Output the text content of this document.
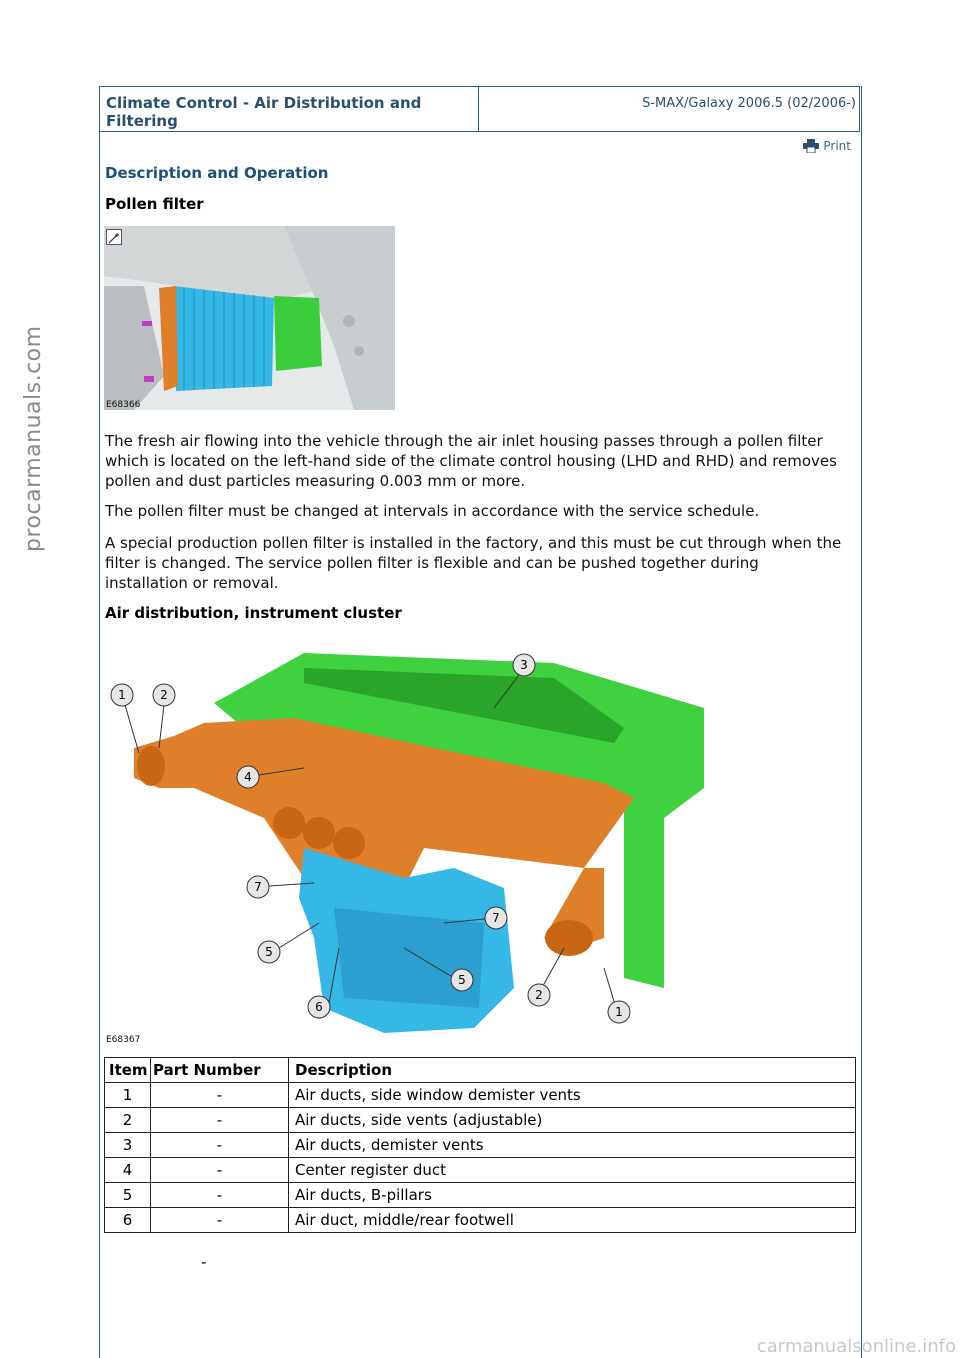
Climate Control - Air Distribution and Filtering
S-MAX/Galaxy 2006.5 (02/2006-)
Print
Description and Operation
Pollen filter
E68366
The fresh air flowing into the vehicle through the air inlet housing passes through a pollen filter which is located on the left-hand side of the climate control housing (LHD and RHD) and removes pollen and dust particles measuring 0.003 mm or more.
The pollen filter must be changed at intervals in accordance with the service schedule.
A special production pollen filter is installed in the factory, and this must be cut through when the filter is changed. The service pollen filter is flexible and can be pushed together during installation or removal.
Air distribution, instrument cluster
1	2
3
4
7
7
5
5
6
2
1
E68367
Item	Part Number	Description
1	-	Air ducts, side window demister vents
2	-	Air ducts, side vents (adjustable)
3	-	Air ducts, demister vents
4	-	Center register duct
5	-	Air ducts, B-pillars
6	-	Air duct, middle/rear footwell
-
procarmanuals.com
carmanualsonline.info
